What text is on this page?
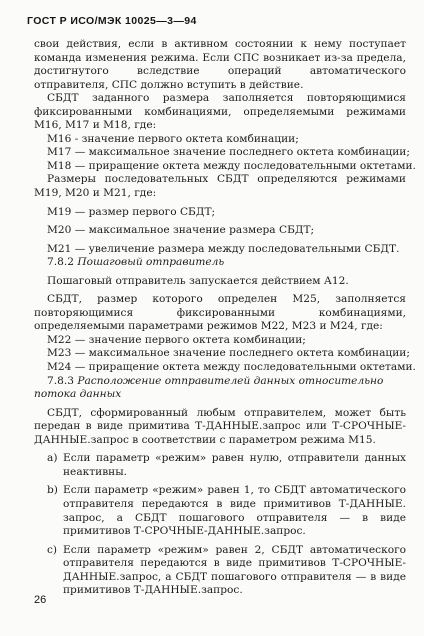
ГОСТ Р ИСО/МЭК 10025—3—94

свои действия, если в активном состоянии к нему поступает команда изменения режима. Если СПС возникает из-за предела, достигнутого вследствие операций автоматического отправителя, СПС должно вступить в действие.

СБДТ заданного размера заполняется повторяющимися фиксированными комбинациями, определяемыми режимами М16, М17 и М18, где:

М16 - значение первого октета комбинации;
М17 — максимальное значение последнего октета комбинации;
М18 — приращение октета между последовательными октетами.

Размеры последовательных СБДТ определяются режимами М19, М20 и М21, где:

М19 — размер первого СБДТ;
М20 — максимальное значение размера СБДТ;
М21 — увеличение размера между последовательными СБДТ.

7.8.2 Пошаговый отправитель

Пошаговый отправитель запускается действием А12.

СБДТ, размер которого определен М25, заполняется повторяющимися фиксированными комбинациями, определяемыми параметрами режимов М22, М23 и М24, где:

М22 — значение первого октета комбинации;
М23 — максимальное значение последнего октета комбинации;
М24 — приращение октета между последовательными октетами.

7.8.3 Расположение отправителей данных относительно потока данных

СБДТ, сформированный любым отправителем, может быть передан в виде примитива Т-ДАННЫЕ.запрос или Т-СРОЧНЫЕ-ДАННЫЕ.запрос в соответствии с параметром режима М15.

а) Если параметр «режим» равен нулю, отправители данных неактивны.
b) Если параметр «режим» равен 1, то СБДТ автоматического отправителя передаются в виде примитивов Т-ДАННЫЕ. запрос, а СБДТ пошагового отправителя — в виде примитивов Т-СРОЧНЫЕ-ДАННЫЕ.запрос.
с) Если параметр «режим» равен 2, СБДТ автоматического отправителя передаются в виде примитивов Т-СРОЧНЫЕ-ДАННЫЕ.запрос, а СБДТ пошагового отправителя — в виде примитивов Т-ДАННЫЕ.запрос.
26
